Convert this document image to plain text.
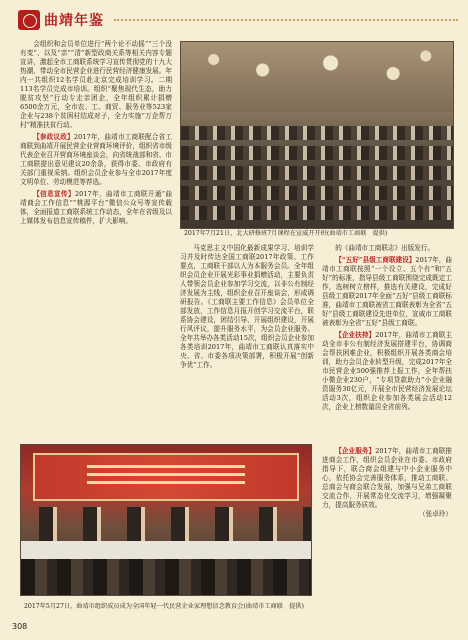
曲靖年鉴

会组织和会员单位进行“两个论不动摇”“三个没有变”、以及“亲”“清”新型政商关系等相关内容专题宣讲，激起全市工商联系统学习宣传贯彻党的十九大热潮，带动全市民营企业进行民营经济健康发展。年内一共组织12名学员赴北京完成培训学习。二期113名学员完成市培训。组织“聚焦现代生态，助力脱贫攻坚”行动专走亲团企，全年组织累计捐赠6500余万元，全市农、工、商贸、服务业等523家企业与238个贫困村结成对子，全力实施“万企帮万村”精准扶贫行动。

【参政议政】2017年，曲靖市工商联配合省工商联到曲靖开展民营企业营商环境评价，组织省市级代表企业召开营商环境座谈会，向省统战部和省、市工商联提出意见建议20余条，获得市委、市政府有关部门重视采纳。组织会员企业参与全市2017年度文明单位、劳动模范等荐选。

【信息宣传】2017年，曲靖市工商联开通“曲靖商会工作信息”“桃源平台”微信公众号等宣传载体，全面报道工商联系统工作动态，全年在省级及以上媒体发布信息宣传稿件，扩大影响。

2017年7月21日，北大研修班7月课程在宣威开开班(曲靖市工商联　提供)

马克思主义中国化最新成果学习、培训学习并及时传达全国工商联2017年政策、工作要点，工商联干部以人为本服务会员。全年组织会员企业开展光彩事业捐赠活动，主要负责人带领会员企业参加学习交流，以非公有制经济发展为主线，组织企业召开座谈会，形成调研报告。《工商联主要工作信息》会员单位全部发放，工作信息月报开创学习交流平台，联系协会建设，团结引导、开展组织建设，开展行风评议，提升服务水平，为会员企业服务。全年共举办各类活动15次，组织会员企业参加各类培训2017年，曲靖市工商联认真落实中央、省、市委各项决策部署，积极开展“创新争优”工作。

的《曲靖市工商联志》出版发行。

【“五好”县级工商联建设】2017年，曲靖市工商联按照“一个设立、五个有”和“五好”的标准，指导县级工商联围绕完成既定工作，选树树立榜样，推选有关建设，完成好县级工商联2017年全面“五好”县级工商联标准，曲靖市工商联被省工商联表彰为全省“五好”县级工商联建设先进单位，宣威市工商联被表彰为全省“五好”县级工商联。

【企业扶持】2017年，曲靖市工商联主动全市非公有制经济发展搭建平台，协调商会帮扶困难企业，积极组织开展各类商会培训，助力会员企业转型升级，完成2017年全市民营企业500强推荐上报工作，全年帮扶小微企业230户，“专项贷款助力”小企业融资服务30亿元，开展全市民营经济发展论坛活动3次，组织企业参加各类展会活动12次，企业上榜数量居全省前列。

2017年5月27日，曲靖市组织成员成为全国年轻一代民营企业家理想信念教育会(曲靖市工商联　提供)

【企业服务】2017年，曲靖市工商联推进商会工作，组织会员企业在市委、市政府指导下，联合商会组建与中小企业服务中心，依托协会完善服务体系，推动工商联、总商会与商会联合发展，加强与兄弟工商联交流合作，开展常态化交流学习，增强凝聚力，提高服务质效。

（张卓玲）

308
